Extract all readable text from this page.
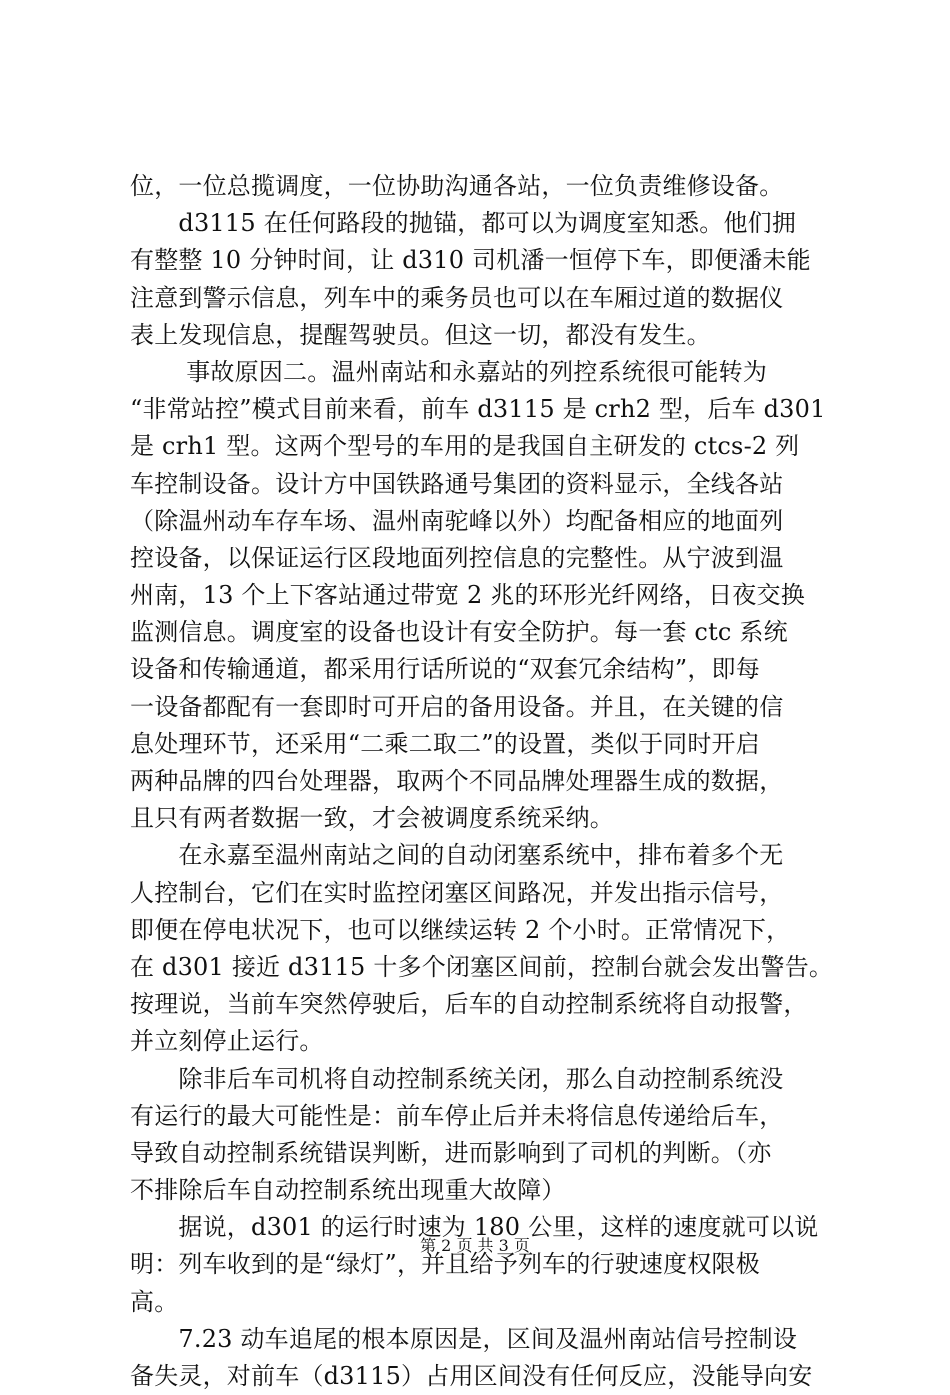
位，一位总揽调度，一位协助沟通各站，一位负责维修设备。
　　d3115 在任何路段的抛锚，都可以为调度室知悉。他们拥
有整整 10 分钟时间，让 d310 司机潘一恒停下车，即便潘未能
注意到警示信息，列车中的乘务员也可以在车厢过道的数据仪
表上发现信息，提醒驾驶员。但这一切，都没有发生。
　　 事故原因二。温州南站和永嘉站的列控系统很可能转为
“非常站控”模式目前来看，前车 d3115 是 crh2 型，后车 d301
是 crh1 型。这两个型号的车用的是我国自主研发的 ctcs-2 列
车控制设备。设计方中国铁路通号集团的资料显示，全线各站
（除温州动车存车场、温州南驼峰以外）均配备相应的地面列
控设备，以保证运行区段地面列控信息的完整性。从宁波到温
州南，13 个上下客站通过带宽 2 兆的环形光纤网络，日夜交换
监测信息。调度室的设备也设计有安全防护。每一套 ctc 系统
设备和传输通道，都采用行话所说的“双套冗余结构”，即每
一设备都配有一套即时可开启的备用设备。并且，在关键的信
息处理环节，还采用“二乘二取二”的设置，类似于同时开启
两种品牌的四台处理器，取两个不同品牌处理器生成的数据，
且只有两者数据一致，才会被调度系统采纳。
　　在永嘉至温州南站之间的自动闭塞系统中，排布着多个无
人控制台，它们在实时监控闭塞区间路况，并发出指示信号，
即便在停电状况下，也可以继续运转 2 个小时。正常情况下，
在 d301 接近 d3115 十多个闭塞区间前，控制台就会发出警告。
按理说，当前车突然停驶后，后车的自动控制系统将自动报警，
并立刻停止运行。
　　除非后车司机将自动控制系统关闭，那么自动控制系统没
有运行的最大可能性是：前车停止后并未将信息传递给后车，
导致自动控制系统错误判断，进而影响到了司机的判断。（亦
不排除后车自动控制系统出现重大故障）
　　据说，d301 的运行时速为 180 公里，这样的速度就可以说
明：列车收到的是“绿灯”，并且给予列车的行驶速度权限极
高。
　　7.23 动车追尾的根本原因是，区间及温州南站信号控制设
备失灵，对前车（d3115）占用区间没有任何反应，没能导向安
第 2 页 共 3 页
